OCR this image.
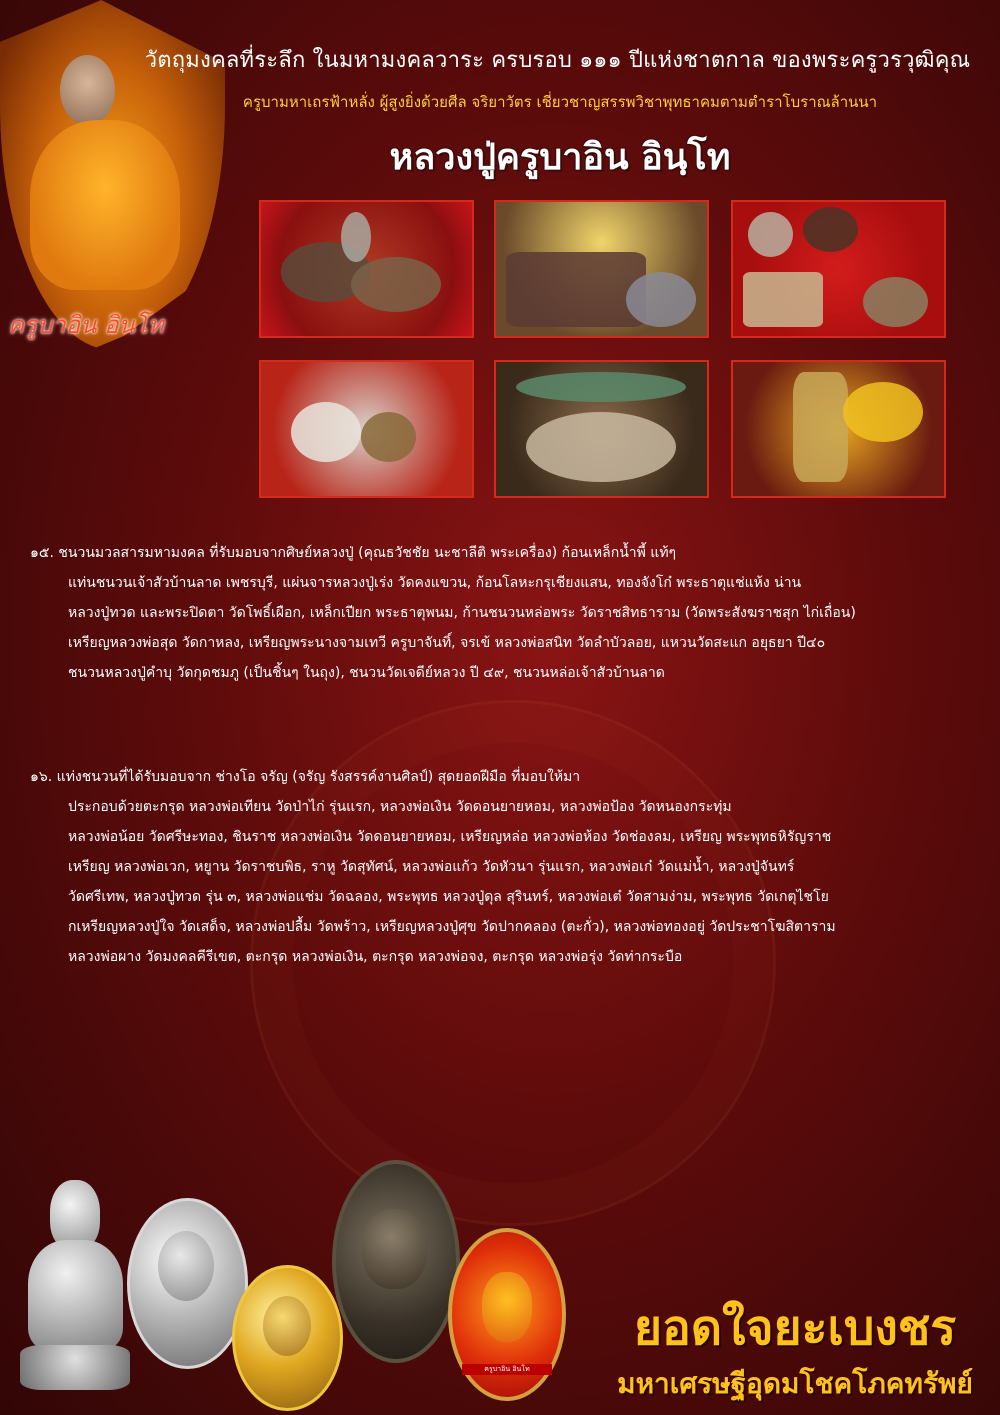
ครูบาอิน อินโท
วัตถุมงคลที่ระลึก ในมหามงคลวาระ ครบรอบ ๑๑๑ ปีแห่งชาตกาล ของพระครูวรวุฒิคุณ
ครูบามหาเถรฟ้าหลั่ง ผู้สูงยิ่งด้วยศีล จริยาวัตร เชี่ยวชาญสรรพวิชาพุทธาคมตามตำราโบราณล้านนา
หลวงปู่ครูบาอิน อินฺโท
๑๕. ชนวนมวลสารมหามงคล ที่รับมอบจากศิษย์หลวงปู่ (คุณธวัชชัย นะชาลีติ พระเครื่อง) ก้อนเหล็กน้ำพี้ แท้ๆ
แท่นชนวนเจ้าสัวบ้านลาด เพชรบุรี, แผ่นจารหลวงปู่เร่ง วัดคงแขวน, ก้อนโลหะกรุเชียงแสน, ทองจังโก๋ พระธาตุแช่แห้ง น่าน
หลวงปู่ทวด และพระปิดตา วัดโพธิ์เผือก, เหล็กเปียก พระธาตุพนม, ก้านชนวนหล่อพระ วัดราชสิทธาราม (วัดพระสังฆราชสุก ไก่เถื่อน)
เหรียญหลวงพ่อสุด วัดกาหลง, เหรียญพระนางจามเทวี ครูบาจันทิ์, จรเข้ หลวงพ่อสนิท วัดลำบัวลอย, แหวนวัดสะแก อยุธยา ปี๔๐
ชนวนหลวงปู่คำบุ วัดกุดชมภู (เป็นชิ้นๆ ในถุง), ชนวนวัดเจดีย์หลวง ปี ๔๙, ชนวนหล่อเจ้าสัวบ้านลาด
๑๖. แท่งชนวนที่ได้รับมอบจาก ช่างโอ จรัญ (จรัญ รังสรรค์งานศิลป์) สุดยอดฝีมือ ที่มอบให้มา
ประกอบด้วยตะกรุด หลวงพ่อเทียน วัดป่าไก่ รุ่นแรก, หลวงพ่อเงิน วัดดอนยายหอม, หลวงพ่อป้อง วัดหนองกระทุ่ม
หลวงพ่อน้อย วัดศรีษะทอง, ชินราช หลวงพ่อเงิน วัดดอนยายหอม, เหรียญหล่อ หลวงพ่อห้อง วัดช่องลม, เหรียญ พระพุทธหิรัญราช
เหรียญ หลวงพ่อเวก, หยูาน วัดราชบพิธ, ราหู วัดสุทัศน์, หลวงพ่อแก้ว วัดหัวนา รุ่นแรก, หลวงพ่อเก๋ วัดแม่น้ำ, หลวงปู่จันทร์
วัดศรีเทพ, หลวงปู่ทวด รุ่น ๓, หลวงพ่อแช่ม วัดฉลอง, พระพุทธ หลวงปู่ดุล สุรินทร์, หลวงพ่อเต๋ วัดสามง่าม, พระพุทธ วัดเกตุไชโย
กเหรียญหลวงปู่ใจ วัดเสด็จ, หลวงพ่อปลื้ม วัดพร้าว, เหรียญหลวงปู่ศุข วัดปากคลอง (ตะกั่ว), หลวงพ่อทองอยู่ วัดประชาโฆสิตาราม
หลวงพ่อผาง วัดมงคลคีรีเขต, ตะกรุด หลวงพ่อเงิน, ตะกรุด หลวงพ่อจง, ตะกรุด หลวงพ่อรุ่ง วัดท่ากระบือ
ครูบาอิน อินโท
ยอดใจยะเบงชร
มหาเศรษฐีอุดมโชคโภคทรัพย์
